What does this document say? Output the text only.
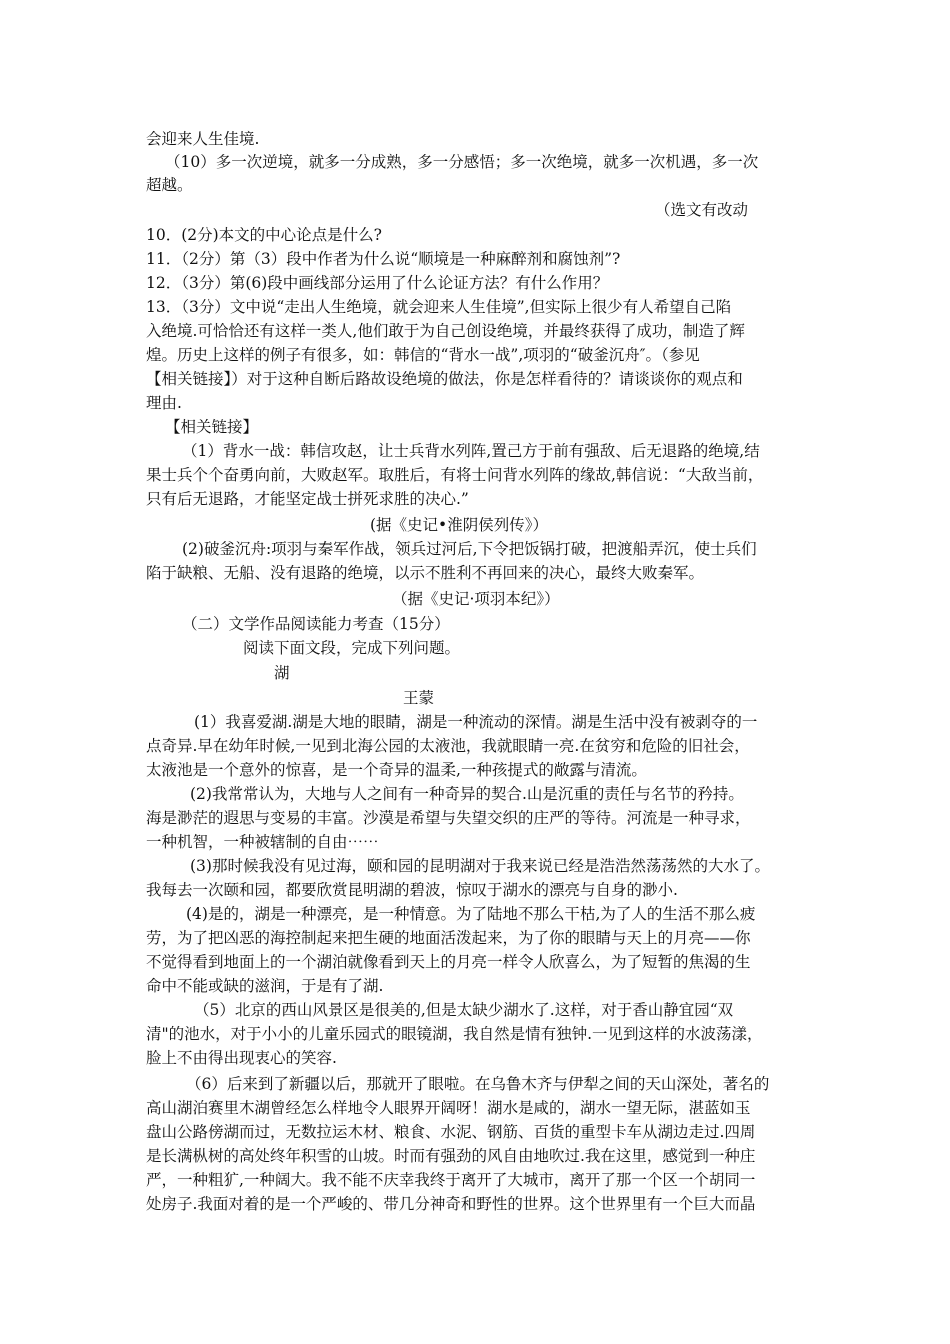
会迎来人生佳境.
（10）多一次逆境，就多一分成熟，多一分感悟；多一次绝境，就多一次机遇，多一次
超越。
（选文有改动
10．(2分)本文的中心论点是什么?
11．（2分）第（3）段中作者为什么说“顺境是一种麻醉剂和腐蚀剂”?
12．（3分）第(6)段中画线部分运用了什么论证方法？有什么作用？
13．（3分）文中说“走出人生绝境，就会迎来人生佳境”,但实际上很少有人希望自己陷
入绝境.可恰恰还有这样一类人,他们敢于为自己创设绝境，并最终获得了成功，制造了辉
煌。历史上这样的例子有很多，如：韩信的“背水一战”,项羽的“破釜沉舟″。（参见
【相关链接】）对于这种自断后路故设绝境的做法，你是怎样看待的？请谈谈你的观点和
理由.
【相关链接】
（1）背水一战：韩信攻赵，让士兵背水列阵,置己方于前有强敌、后无退路的绝境,结
果士兵个个奋勇向前，大败赵军。取胜后，有将士问背水列阵的缘故,韩信说：“大敌当前，
只有后无退路，才能坚定战士拼死求胜的决心.”
(据《史记•淮阴侯列传》）
(2)破釜沉舟:项羽与秦军作战，领兵过河后,下令把饭锅打破，把渡船弄沉，使士兵们
陷于缺粮、无船、没有退路的绝境，以示不胜利不再回来的决心，最终大败秦军。
（据《史记·项羽本纪》）
（二）文学作品阅读能力考查（15分）
阅读下面文段，完成下列问题。
湖
王蒙
(1）我喜爱湖.湖是大地的眼睛，湖是一种流动的深情。湖是生活中没有被剥夺的一
点奇异.早在幼年时候,一见到北海公园的太液池，我就眼睛一亮.在贫穷和危险的旧社会，
太液池是一个意外的惊喜，是一个奇异的温柔,一种孩提式的敞露与清流。
(2)我常常认为，大地与人之间有一种奇异的契合.山是沉重的责任与名节的矜持。
海是渺茫的遐思与变易的丰富。沙漠是希望与失望交织的庄严的等待。河流是一种寻求，
一种机智，一种被辖制的自由⋯⋯
(3)那时候我没有见过海，颐和园的昆明湖对于我来说已经是浩浩然荡荡然的大水了。
我每去一次颐和园，都要欣赏昆明湖的碧波，惊叹于湖水的漂亮与自身的渺小.
(4)是的，湖是一种漂亮，是一种情意。为了陆地不那么干枯,为了人的生活不那么疲
劳，为了把凶恶的海控制起来把生硬的地面活泼起来，为了你的眼睛与天上的月亮——你
不觉得看到地面上的一个湖泊就像看到天上的月亮一样令人欣喜么，为了短暂的焦渴的生
命中不能或缺的滋润，于是有了湖.
（5）北京的西山风景区是很美的,但是太缺少湖水了.这样，对于香山静宜园“双
清"的池水，对于小小的儿童乐园式的眼镜湖，我自然是情有独钟.一见到这样的水波荡漾，
脸上不由得出现衷心的笑容.
（6）后来到了新疆以后，那就开了眼啦。在乌鲁木齐与伊犁之间的天山深处，著名的
高山湖泊赛里木湖曾经怎么样地令人眼界开阔呀！湖水是咸的，湖水一望无际，湛蓝如玉
盘山公路傍湖而过，无数拉运木材、粮食、水泥、钢筋、百货的重型卡车从湖边走过.四周
是长满枞树的高处终年积雪的山坡。时而有强劲的风自由地吹过.我在这里，感觉到一种庄
严，一种粗犷,一种阔大。我不能不庆幸我终于离开了大城市，离开了那一个区一个胡同一
处房子.我面对着的是一个严峻的、带几分神奇和野性的世界。这个世界里有一个巨大而晶
